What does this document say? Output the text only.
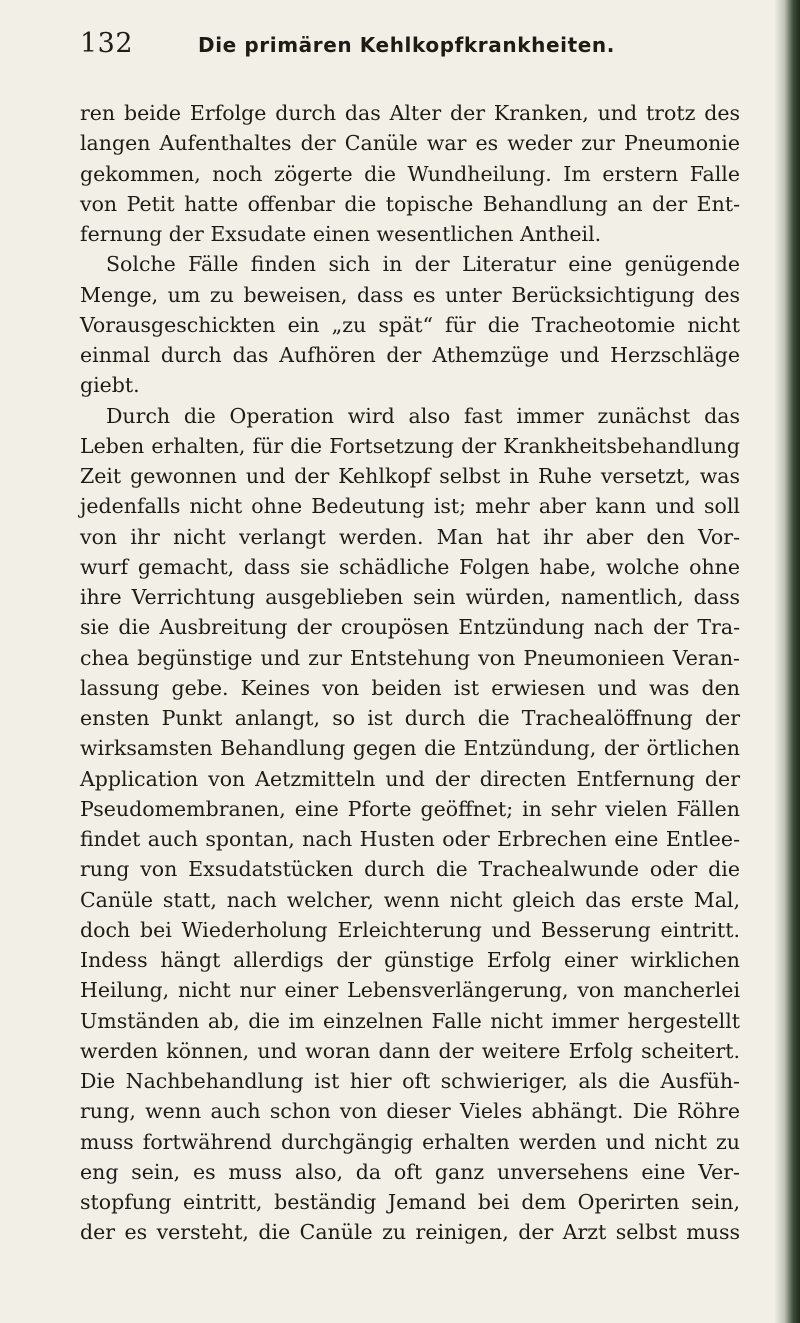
132	Die primären Kehlkopfkrankheiten.
ren beide Erfolge durch das Alter der Kranken, und trotz des
langen Aufenthaltes der Canüle war es weder zur Pneumonie
gekommen, noch zögerte die Wundheilung. Im erstern Falle
von Petit hatte offenbar die topische Behandlung an der Ent-
fernung der Exsudate einen wesentlichen Antheil.
Solche Fälle finden sich in der Literatur eine genügende
Menge, um zu beweisen, dass es unter Berücksichtigung des
Vorausgeschickten ein „zu spät“ für die Tracheotomie nicht
einmal durch das Aufhören der Athemzüge und Herzschläge
giebt.
Durch die Operation wird also fast immer zunächst das
Leben erhalten, für die Fortsetzung der Krankheitsbehandlung
Zeit gewonnen und der Kehlkopf selbst in Ruhe versetzt, was
jedenfalls nicht ohne Bedeutung ist; mehr aber kann und soll
von ihr nicht verlangt werden. Man hat ihr aber den Vor-
wurf gemacht, dass sie schädliche Folgen habe, wolche ohne
ihre Verrichtung ausgeblieben sein würden, namentlich, dass
sie die Ausbreitung der croupösen Entzündung nach der Tra-
chea begünstige und zur Entstehung von Pneumonieen Veran-
lassung gebe. Keines von beiden ist erwiesen und was den
ensten Punkt anlangt, so ist durch die Trachealöffnung der
wirksamsten Behandlung gegen die Entzündung, der örtlichen
Application von Aetzmitteln und der directen Entfernung der
Pseudomembranen, eine Pforte geöffnet; in sehr vielen Fällen
findet auch spontan, nach Husten oder Erbrechen eine Entlee-
rung von Exsudatstücken durch die Trachealwunde oder die
Canüle statt, nach welcher, wenn nicht gleich das erste Mal,
doch bei Wiederholung Erleichterung und Besserung eintritt.
Indess hängt allerdigs der günstige Erfolg einer wirklichen
Heilung, nicht nur einer Lebensverlängerung, von mancherlei
Umständen ab, die im einzelnen Falle nicht immer hergestellt
werden können, und woran dann der weitere Erfolg scheitert.
Die Nachbehandlung ist hier oft schwieriger, als die Ausfüh-
rung, wenn auch schon von dieser Vieles abhängt. Die Röhre
muss fortwährend durchgängig erhalten werden und nicht zu
eng sein, es muss also, da oft ganz unversehens eine Ver-
stopfung eintritt, beständig Jemand bei dem Operirten sein,
der es versteht, die Canüle zu reinigen, der Arzt selbst muss
